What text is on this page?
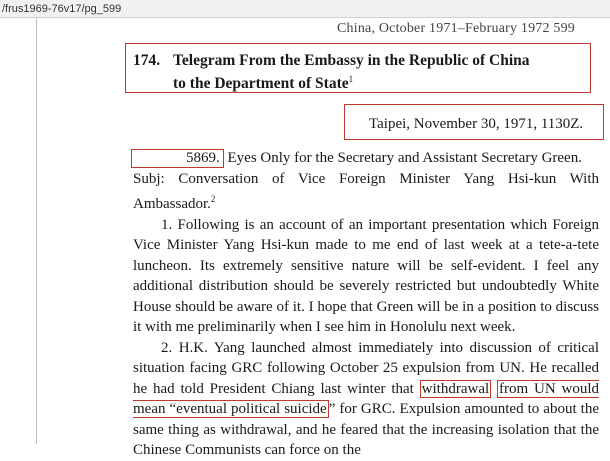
/frus1969-76v17/pg_599
China, October 1971–February 1972 599
174. Telegram From the Embassy in the Republic of China
to the Department of State$^1$
Taipei, November 30, 1971, 1130Z.

5869. Eyes Only for the Secretary and Assistant Secretary Green.

Subj: Conversation of Vice Foreign Minister Yang Hsi-kun With Ambassador.$^2$

1. Following is an account of an important presentation which Foreign Vice Minister Yang Hsi-kun made to me end of last week at a tete-a-tete luncheon. Its extremely sensitive nature will be self-evident. I feel any additional distribution should be severely restricted but undoubtedly White House should be aware of it. I hope that Green will be in a position to discuss it with me preliminarily when I see him in Honolulu next week.

2. H.K. Yang launched almost immediately into discussion of critical situation facing GRC following October 25 expulsion from UN. He recalled he had told President Chiang last winter that withdrawal from UN would mean “eventual political suicide ” for GRC. Expulsion amounted to about the same thing as withdrawal, and he feared that the increasing isolation that the Chinese Communists can force on the
